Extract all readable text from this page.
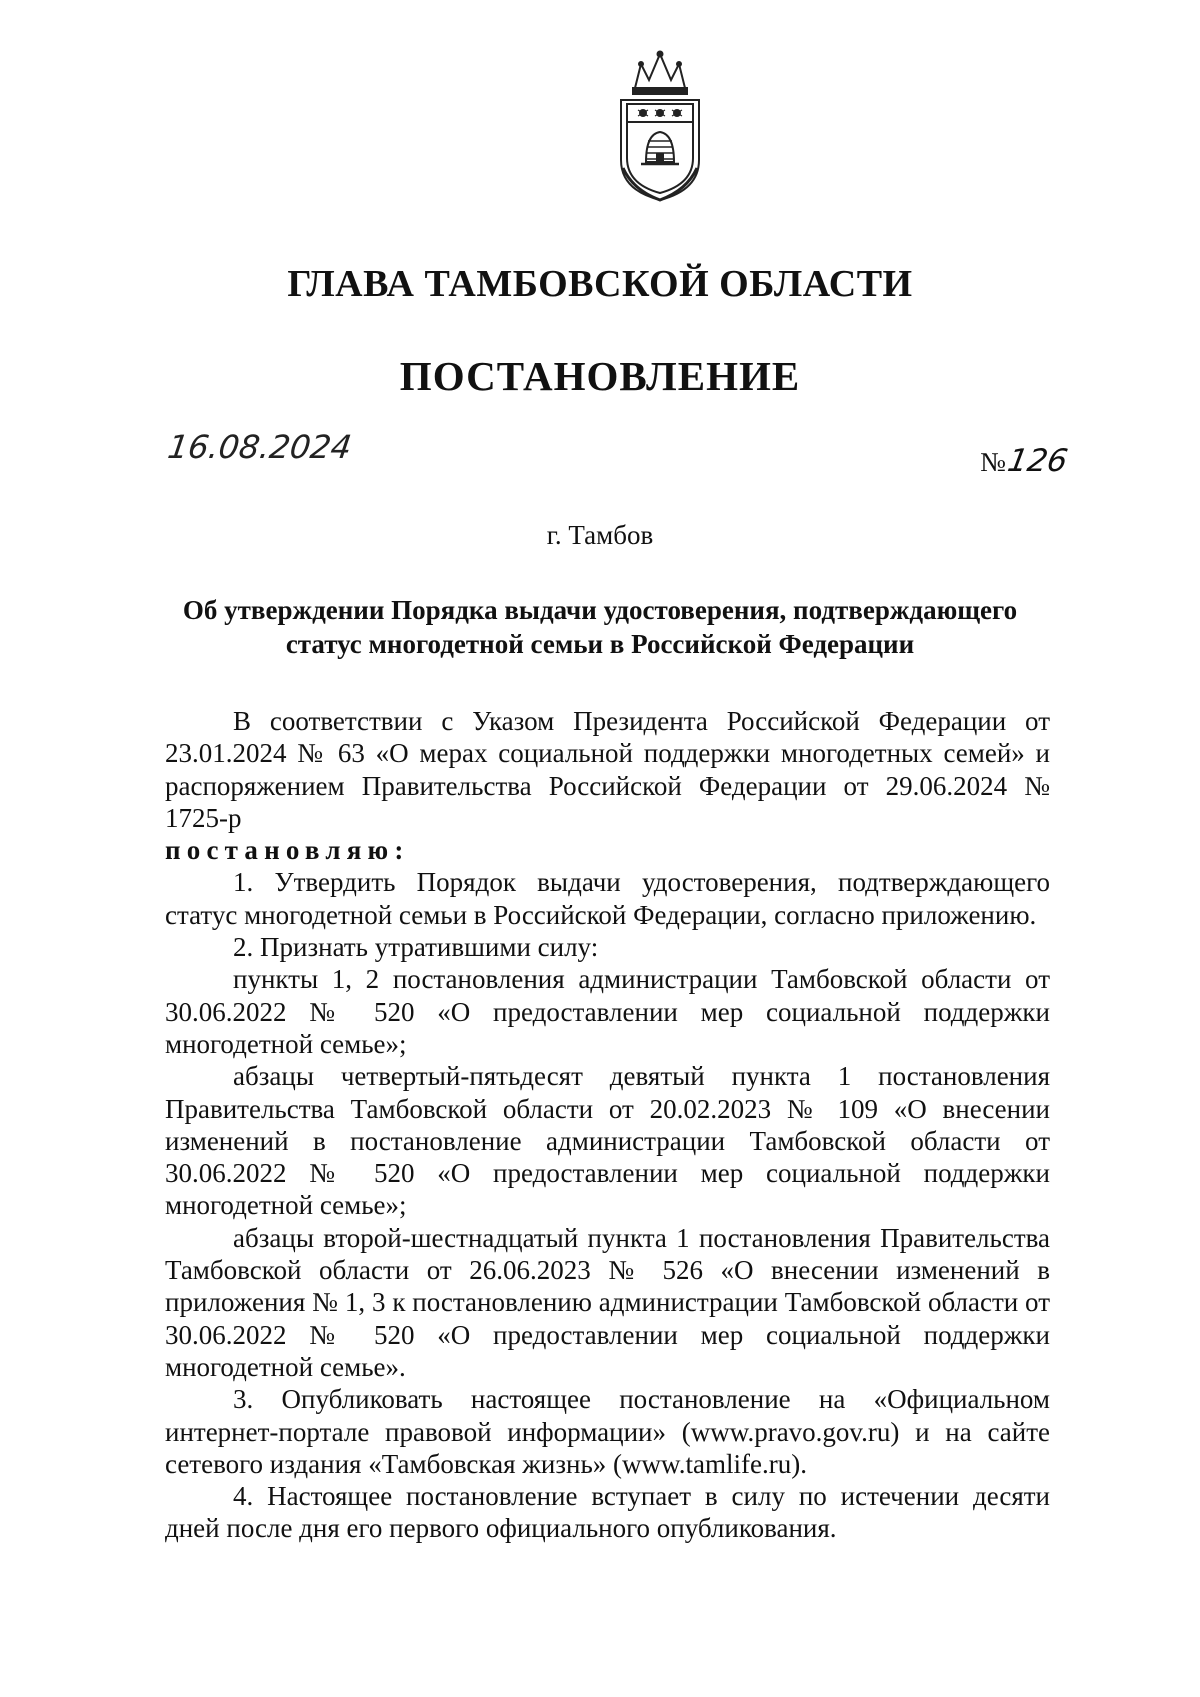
ГЛАВА ТАМБОВСКОЙ ОБЛАСТИ
ПОСТАНОВЛЕНИЕ
16.08.2024	№126
г. Тамбов
Об утверждении Порядка выдачи удостоверения, подтверждающего статус многодетной семьи в Российской Федерации

В соответствии с Указом Президента Российской Федерации от 23.01.2024 № 63 «О мерах социальной поддержки многодетных семей» и распоряжением Правительства Российской Федерации от 29.06.2024 № 1725-р

постановляю:

1. Утвердить Порядок выдачи удостоверения, подтверждающего статус многодетной семьи в Российской Федерации, согласно приложению.

2. Признать утратившими силу:

пункты 1, 2 постановления администрации Тамбовской области от 30.06.2022 № 520 «О предоставлении мер социальной поддержки многодетной семье»;

абзацы четвертый-пятьдесят девятый пункта 1 постановления Правительства Тамбовской области от 20.02.2023 № 109 «О внесении изменений в постановление администрации Тамбовской области от 30.06.2022 № 520 «О предоставлении мер социальной поддержки многодетной семье»;

абзацы второй-шестнадцатый пункта 1 постановления Правительства Тамбовской области от 26.06.2023 № 526 «О внесении изменений в приложения № 1, 3 к постановлению администрации Тамбовской области от 30.06.2022 № 520 «О предоставлении мер социальной поддержки многодетной семье».

3. Опубликовать настоящее постановление на «Официальном интернет-портале правовой информации» (www.pravo.gov.ru) и на сайте сетевого издания «Тамбовская жизнь» (www.tamlife.ru).

4. Настоящее постановление вступает в силу по истечении десяти дней после дня его первого официального опубликования.
